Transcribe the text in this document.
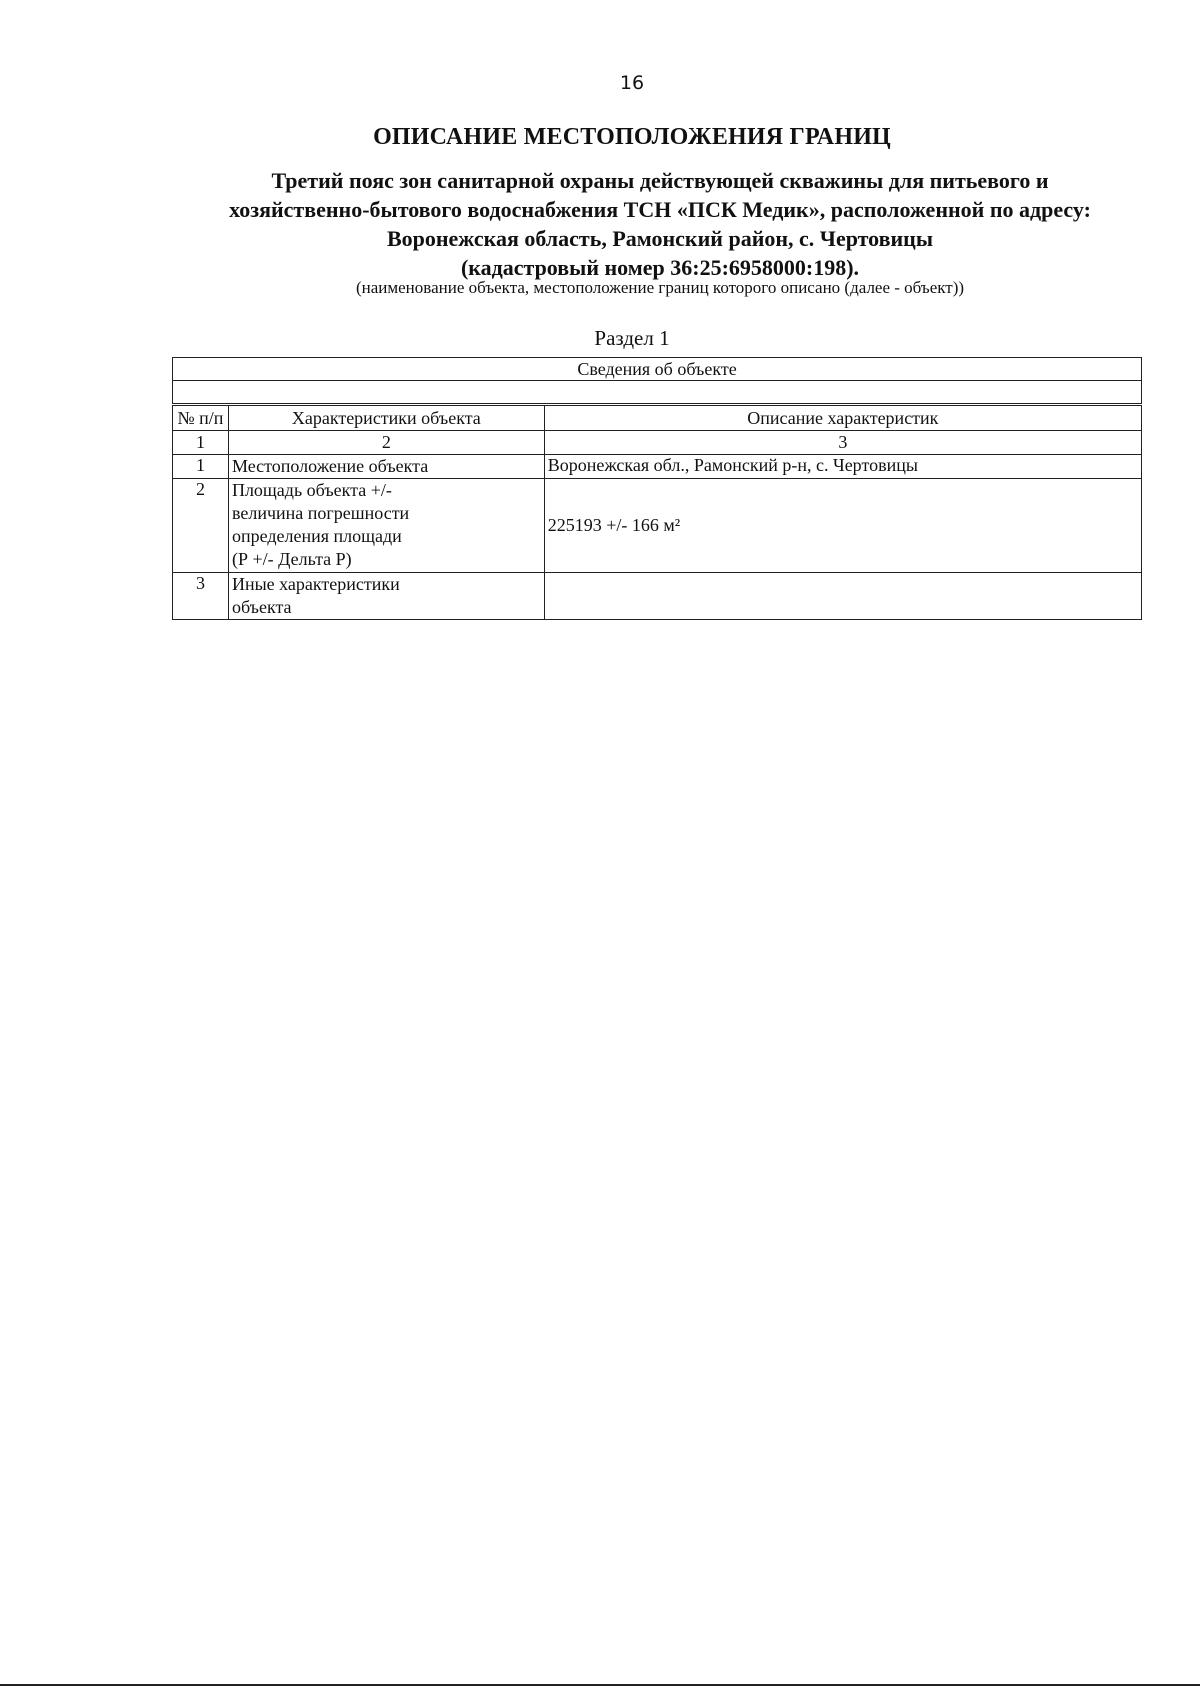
16
ОПИСАНИЕ МЕСТОПОЛОЖЕНИЯ ГРАНИЦ
Третий пояс зон санитарной охраны действующей скважины для питьевого и
хозяйственно-бытового водоснабжения ТСН «ПСК Медик», расположенной по адресу:
Воронежская область, Рамонский район, с. Чертовицы
(кадастровый номер 36:25:6958000:198).
(наименование объекта, местоположение границ которого описано (далее - объект))
Раздел 1
Сведения об объекте		

№ п/п	Характеристики объекта	Описание характеристик
1	2	3
1	Местоположение объекта	Воронежская обл., Рамонский р-н, с. Чертовицы
2	Площадь объекта +/-
величина погрешности
определения площади
(Р +/- Дельта Р)	225193 +/- 166 м²
3	Иные характеристики
объекта	
